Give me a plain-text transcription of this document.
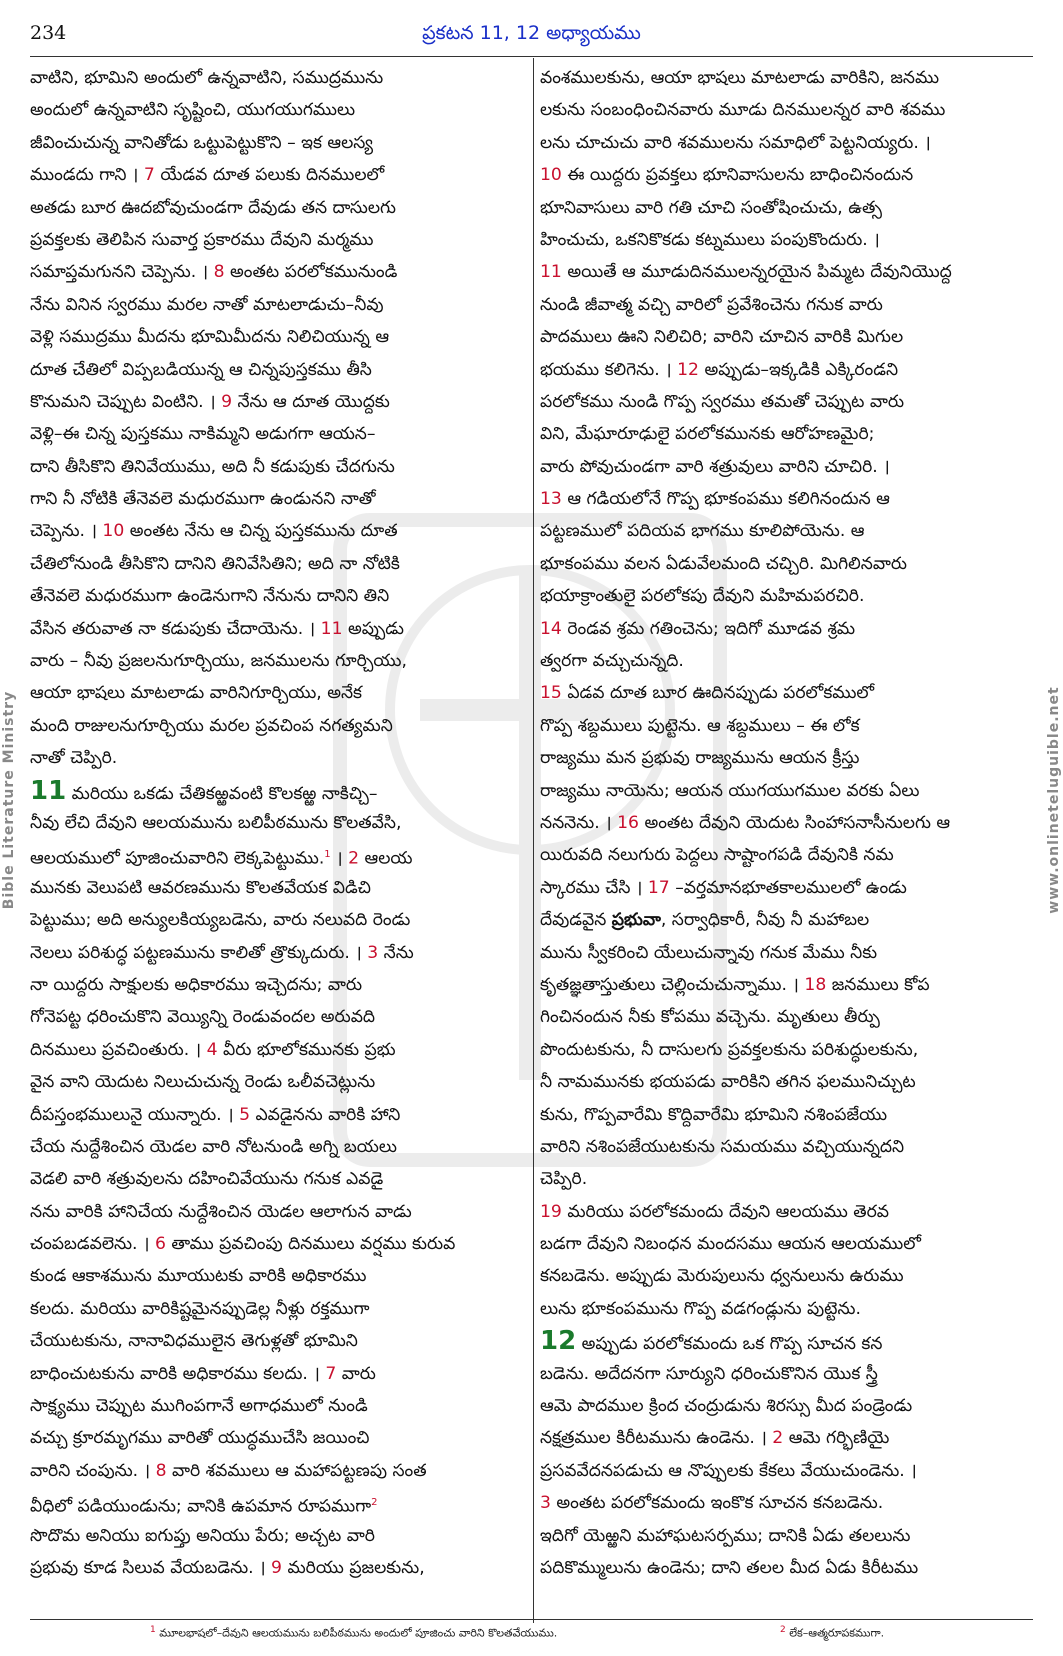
234	ప్రకటన 11, 12 అధ్యాయము
Bible Literature Ministry	www.onlineteluguible.net
వాటిని, భూమిని అందులో ఉన్నవాటిని, సముద్రమును
అందులో ఉన్నవాటిని సృష్టించి, యుగయుగములు
జీవించుచున్న వానితోడు ఒట్టుపెట్టుకొని – ఇక ఆలస్య
ముండదు గాని । 7 యేడవ దూత పలుకు దినములలో
అతడు బూర ఊదబోవుచుండగా దేవుడు తన దాసులగు
ప్రవక్తలకు తెలిపిన సువార్త ప్రకారము దేవుని మర్మము
సమాప్తమగునని చెప్పెను. । 8 అంతట పరలోకమునుండి
నేను వినిన స్వరము మరల నాతో మాటలాడుచు–నీవు
వెళ్లి సముద్రము మీదను భూమిమీదను నిలిచియున్న ఆ
దూత చేతిలో విప్పబడియున్న ఆ చిన్నపుస్తకము తీసి
కొనుమని చెప్పుట వింటిని. । 9 నేను ఆ దూత యొద్దకు
వెళ్లి–ఈ చిన్న పుస్తకము నాకిమ్మని అడుగగా ఆయన–
దాని తీసికొని తినివేయుము, అది నీ కడుపుకు చేదగును
గాని నీ నోటికి తేనెవలె మధురముగా ఉండునని నాతో
చెప్పెను. । 10 అంతట నేను ఆ చిన్న పుస్తకమును దూత
చేతిలోనుండి తీసికొని దానిని తినివేసితిని; అది నా నోటికి
తేనెవలె మధురముగా ఉండెనుగాని నేనును దానిని తిని
వేసిన తరువాత నా కడుపుకు చేదాయెను. । 11 అప్పుడు
వారు – నీవు ప్రజలనుగూర్చియు, జనములను గూర్చియు,
ఆయా భాషలు మాటలాడు వారినిగూర్చియు, అనేక
మంది రాజులనుగూర్చియు మరల ప్రవచింప నగత్యమని
నాతో చెప్పిరి.
11 మరియు ఒకడు చేతికఱ్ఱవంటి కొలకఱ్ఱ నాకిచ్చి–
నీవు లేచి దేవుని ఆలయమును బలిపీఠమును కొలతవేసి,
ఆలయములో పూజించువారిని లెక్కపెట్టుము.$^1$ । 2 ఆలయ
మునకు వెలుపటి ఆవరణమును కొలతవేయక విడిచి
పెట్టుము; అది అన్యులకియ్యబడెను, వారు నలువది రెండు
నెలలు పరిశుద్ధ పట్టణమును కాలితో త్రొక్కుదురు. । 3 నేను
నా యిద్దరు సాక్షులకు అధికారము ఇచ్చెదను; వారు
గోనెపట్ట ధరించుకొని వెయ్యిన్ని రెండువందల అరువది
దినములు ప్రవచింతురు. । 4 వీరు భూలోకమునకు ప్రభు
వైన వాని యెదుట నిలుచుచున్న రెండు ఒలీవచెట్లును
దీపస్తంభములునై యున్నారు. । 5 ఎవడైనను వారికి హాని
చేయ నుద్దేశించిన యెడల వారి నోటనుండి అగ్ని బయలు
వెడలి వారి శత్రువులను దహించివేయును గనుక ఎవడై
నను వారికి హానిచేయ నుద్దేశించిన యెడల ఆలాగున వాడు
చంపబడవలెను. । 6 తాము ప్రవచింపు దినములు వర్షము కురువ
కుండ ఆకాశమును మూయుటకు వారికి అధికారము
కలదు. మరియు వారికిష్టమైనప్పుడెల్ల నీళ్లు రక్తముగా
చేయుటకును, నానావిధములైన తెగుళ్లతో భూమిని
బాధించుటకును వారికి అధికారము కలదు. । 7 వారు
సాక్ష్యము చెప్పుట ముగింపగానే అగాధములో నుండి
వచ్చు క్రూరమృగము వారితో యుద్ధముచేసి జయించి
వారిని చంపును. । 8 వారి శవములు ఆ మహాపట్టణపు సంత
వీధిలో పడియుండును; వానికి ఉపమాన రూపముగా$^2$
సొదొమ అనియు ఐగుప్తు అనియు పేరు; అచ్చట వారి
ప్రభువు కూడ సిలువ వేయబడెను. । 9 మరియు ప్రజలకును,
వంశములకును, ఆయా భాషలు మాటలాడు వారికిని, జనము
లకును సంబంధించినవారు మూడు దినములన్నర వారి శవము
లను చూచుచు వారి శవములను సమాధిలో పెట్టనియ్యరు. ।
10 ఈ యిద్దరు ప్రవక్తలు భూనివాసులను బాధించినందున
భూనివాసులు వారి గతి చూచి సంతోషించుచు, ఉత్స
హించుచు, ఒకనికొకడు కట్నములు పంపుకొందురు. ।
11 అయితే ఆ మూడుదినములన్నరయైన పిమ్మట దేవునియొద్ద
నుండి జీవాత్మ వచ్చి వారిలో ప్రవేశించెను గనుక వారు
పాదములు ఊని నిలిచిరి; వారిని చూచిన వారికి మిగుల
భయము కలిగెను. । 12 అప్పుడు–ఇక్కడికి ఎక్కిరండని
పరలోకము నుండి గొప్ప స్వరము తమతో చెప్పుట వారు
విని, మేఘారూఢులై పరలోకమునకు ఆరోహణమైరి;
వారు పోవుచుండగా వారి శత్రువులు వారిని చూచిరి. ।
13 ఆ గడియలోనే గొప్ప భూకంపము కలిగినందున ఆ
పట్టణములో పదియవ భాగము కూలిపోయెను. ఆ
భూకంపము వలన ఏడువేలమంది చచ్చిరి. మిగిలినవారు
భయాక్రాంతులై పరలోకపు దేవుని మహిమపరచిరి.
14 రెండవ శ్రమ గతించెను; ఇదిగో మూడవ శ్రమ
త్వరగా వచ్చుచున్నది.
15 ఏడవ దూత బూర ఊదినప్పుడు పరలోకములో
గొప్ప శబ్దములు పుట్టెను. ఆ శబ్దములు – ఈ లోక
రాజ్యము మన ప్రభువు రాజ్యమును ఆయన క్రీస్తు
రాజ్యము నాయెను; ఆయన యుగయుగముల వరకు ఏలు
నననెను. । 16 అంతట దేవుని యెదుట సింహాసనాసీనులగు ఆ
యిరువది నలుగురు పెద్దలు సాష్టాంగపడి దేవునికి నమ
స్కారము చేసి । 17 –వర్తమానభూతకాలములలో ఉండు
దేవుడవైన ప్రభువా, సర్వాధికారీ, నీవు నీ మహాబల
మును స్వీకరించి యేలుచున్నావు గనుక మేము నీకు
కృతజ్ఞతాస్తుతులు చెల్లించుచున్నాము. । 18 జనములు కోప
గించినందున నీకు కోపము వచ్చెను. మృతులు తీర్పు
పొందుటకును, నీ దాసులగు ప్రవక్తలకును పరిశుద్ధులకును,
నీ నామమునకు భయపడు వారికిని తగిన ఫలమునిచ్చుట
కును, గొప్పవారేమి కొద్దివారేమి భూమిని నశింపజేయు
వారిని నశింపజేయుటకును సమయము వచ్చియున్నదని
చెప్పిరి.
19 మరియు పరలోకమందు దేవుని ఆలయము తెరవ
బడగా దేవుని నిబంధన మందసము ఆయన ఆలయములో
కనబడెను. అప్పుడు మెరుపులును ధ్వనులును ఉరుము
లును భూకంపమును గొప్ప వడగండ్లును పుట్టెను.
12 అప్పుడు పరలోకమందు ఒక గొప్ప సూచన కన
బడెను. అదేదనగా సూర్యుని ధరించుకొనిన యొక స్త్రీ
ఆమె పాదముల క్రింద చంద్రుడును శిరస్సు మీద పండ్రెండు
నక్షత్రముల కిరీటమును ఉండెను. । 2 ఆమె గర్భిణియై
ప్రసవవేదనపడుచు ఆ నొప్పులకు కేకలు వేయుచుండెను. ।
3 అంతట పరలోకమందు ఇంకొక సూచన కనబడెను.
ఇదిగో యెఱ్ఱని మహాఘటసర్పము; దానికి ఏడు తలలును
పదికొమ్ములును ఉండెను; దాని తలల మీద ఏడు కిరీటము
$^1$ మూలభాషలో–దేవుని ఆలయమును బలిపీఠమును అందులో పూజించు వారిని కొలతవేయుము.	$^2$ లేక–ఆత్మరూపకముగా.
